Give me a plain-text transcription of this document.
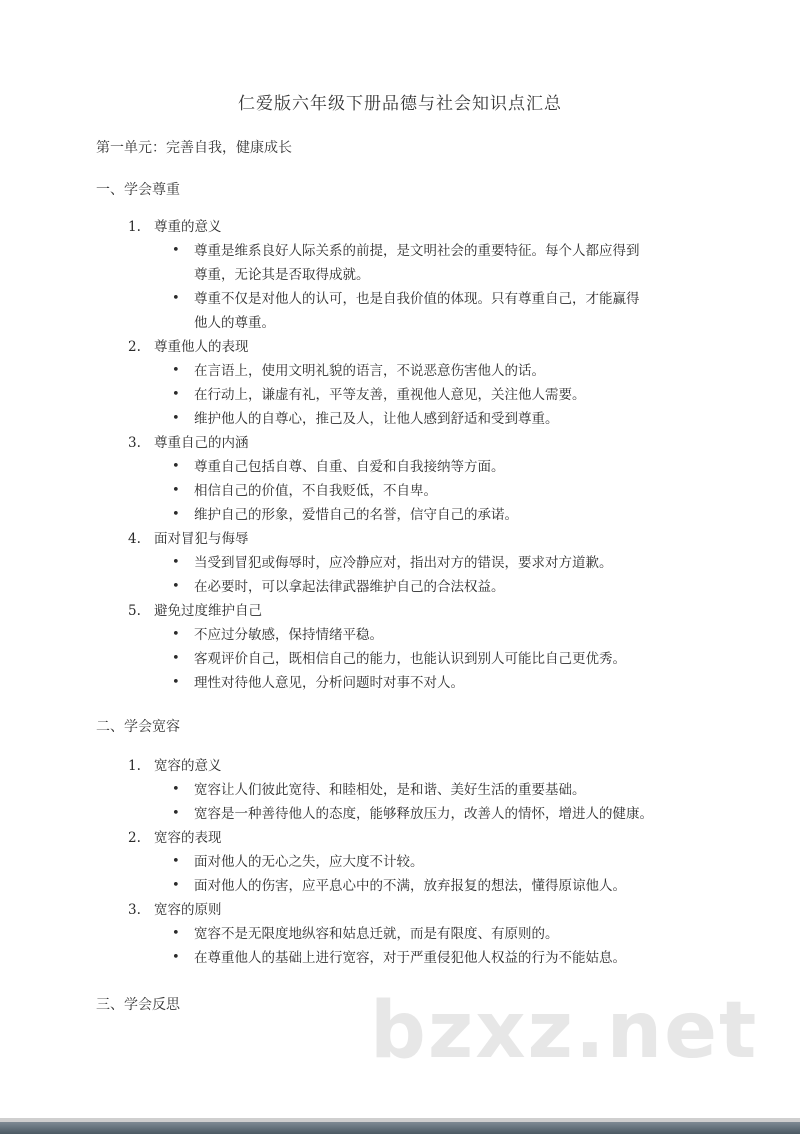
仁爱版六年级下册品德与社会知识点汇总
第一单元：完善自我，健康成长
一、学会尊重
1. 尊重的意义
• 尊重是维系良好人际关系的前提，是文明社会的重要特征。每个人都应得到
尊重，无论其是否取得成就。
• 尊重不仅是对他人的认可，也是自我价值的体现。只有尊重自己，才能赢得
他人的尊重。
2. 尊重他人的表现
• 在言语上，使用文明礼貌的语言，不说恶意伤害他人的话。
• 在行动上，谦虚有礼，平等友善，重视他人意见，关注他人需要。
• 维护他人的自尊心，推己及人，让他人感到舒适和受到尊重。
3. 尊重自己的内涵
• 尊重自己包括自尊、自重、自爱和自我接纳等方面。
• 相信自己的价值，不自我贬低，不自卑。
• 维护自己的形象，爱惜自己的名誉，信守自己的承诺。
4. 面对冒犯与侮辱
• 当受到冒犯或侮辱时，应冷静应对，指出对方的错误，要求对方道歉。
• 在必要时，可以拿起法律武器维护自己的合法权益。
5. 避免过度维护自己
• 不应过分敏感，保持情绪平稳。
• 客观评价自己，既相信自己的能力，也能认识到别人可能比自己更优秀。
• 理性对待他人意见，分析问题时对事不对人。
二、学会宽容
1. 宽容的意义
• 宽容让人们彼此宽待、和睦相处，是和谐、美好生活的重要基础。
• 宽容是一种善待他人的态度，能够释放压力，改善人的情怀，增进人的健康。
2. 宽容的表现
• 面对他人的无心之失，应大度不计较。
• 面对他人的伤害，应平息心中的不满，放弃报复的想法，懂得原谅他人。
3. 宽容的原则
• 宽容不是无限度地纵容和姑息迁就，而是有限度、有原则的。
• 在尊重他人的基础上进行宽容，对于严重侵犯他人权益的行为不能姑息。
三、学会反思 bzxz.net
